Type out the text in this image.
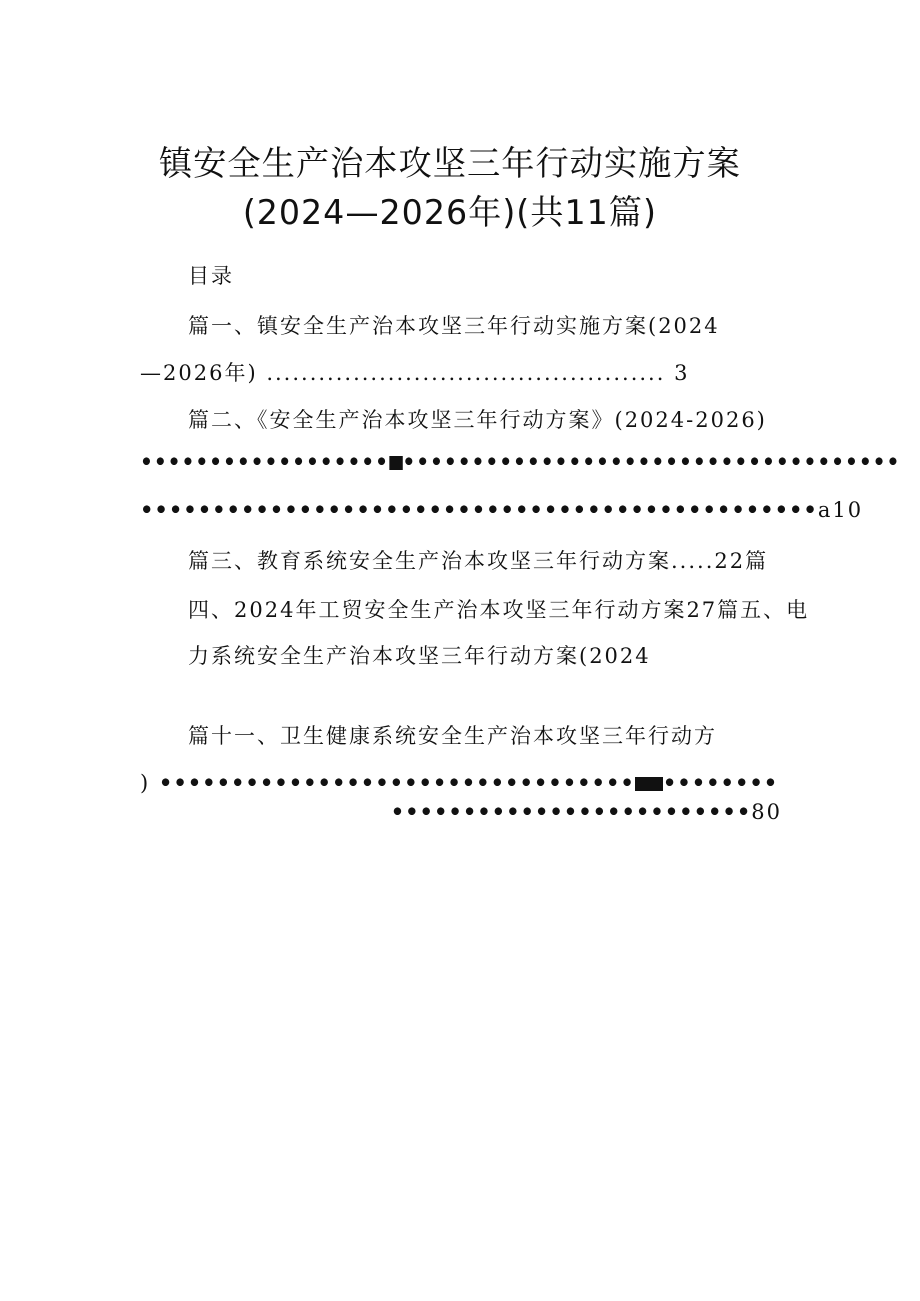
镇安全生产治本攻坚三年行动实施方案
(2024—2026年)(共11篇)
目录
篇一、镇安全生产治本攻坚三年行动实施方案(2024
—2026年) .............................................. 3
篇二、《安全生产治本攻坚三年行动方案》(2024-2026)
•••••••••••••••••• ••••••••••••••••••••••••••••••••••••
•••••••••••••••••••••••••••••••••••••••••••••••a10
篇三、教育系统安全生产治本攻坚三年行动方案.....22篇
四、2024年工贸安全生产治本攻坚三年行动方案27篇五、电
力系统安全生产治本攻坚三年行动方案(2024
篇十一、卫生健康系统安全生产治本攻坚三年行动方
) ••••••••••••••••••••••••••••••••• ••••••••
•••••••••••••••••••••••••80
